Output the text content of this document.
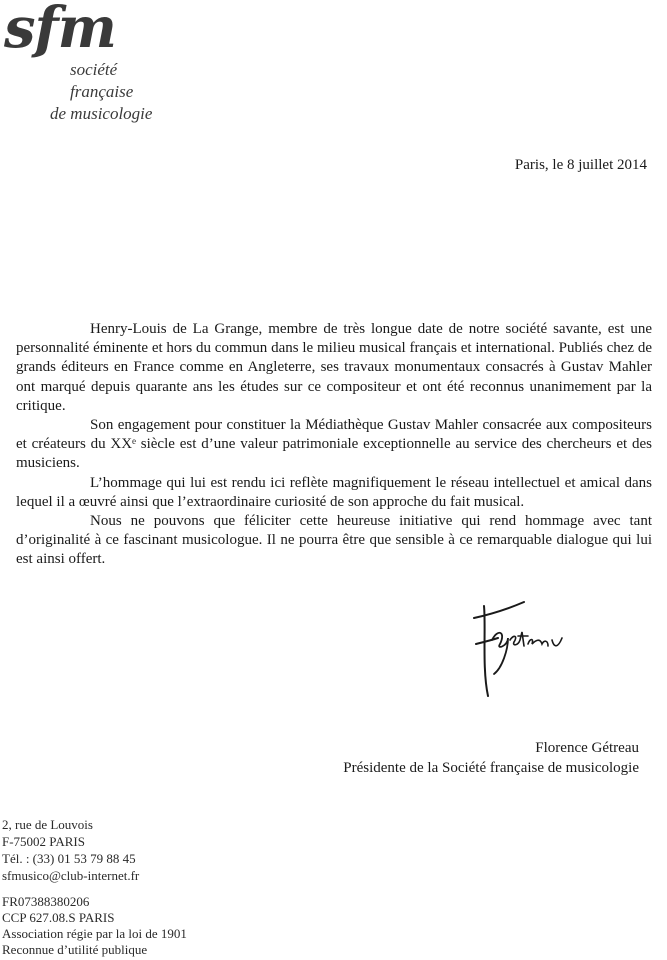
sfm
société
française
de musicologie
Paris, le 8 juillet 2014

Henry-Louis de La Grange, membre de très longue date de notre société savante, est une personnalité éminente et hors du commun dans le milieu musical français et international. Publiés chez de grands éditeurs en France comme en Angleterre, ses travaux monumentaux consacrés à Gustav Mahler ont marqué depuis quarante ans les études sur ce compositeur et ont été reconnus unanimement par la critique.

Son engagement pour constituer la Médiathèque Gustav Mahler consacrée aux compositeurs et créateurs du XXᵉ siècle est d’une valeur patrimoniale exceptionnelle au service des chercheurs et des musiciens.

L’hommage qui lui est rendu ici reflète magnifiquement le réseau intellectuel et amical dans lequel il a œuvré ainsi que l’extraordinaire curiosité de son approche du fait musical.

Nous ne pouvons que féliciter cette heureuse initiative qui rend hommage avec tant d’originalité à ce fascinant musicologue. Il ne pourra être que sensible à ce remarquable dialogue qui lui est ainsi offert.

Florence Gétreau
Présidente de la Société française de musicologie
2, rue de Louvois
F-75002 PARIS
Tél. : (33) 01 53 79 88 45
sfmusico@club-internet.fr
FR07388380206
CCP 627.08.S PARIS
Association régie par la loi de 1901
Reconnue d’utilité publique
